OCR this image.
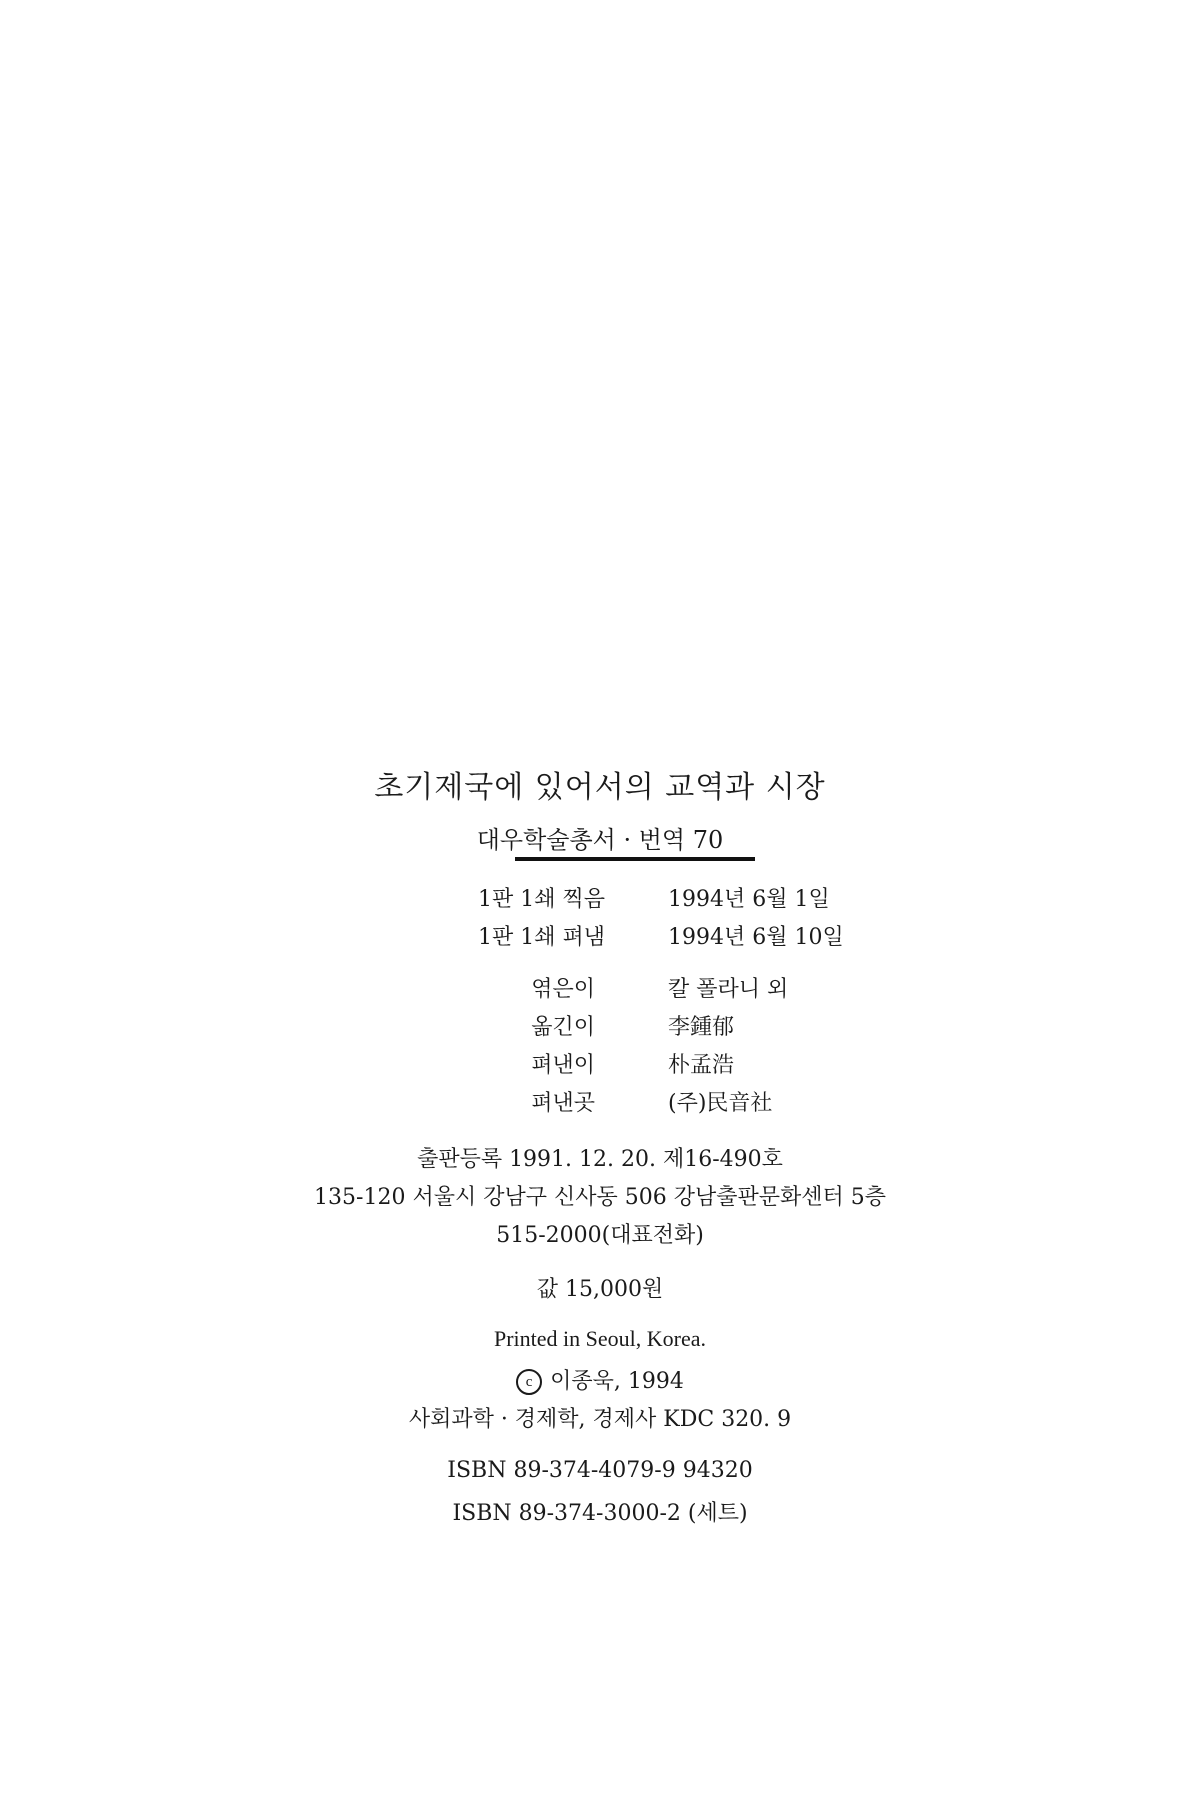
초기제국에 있어서의 교역과 시장
대우학술총서 · 번역 70
1판 1쇄 찍음	1994년 6월 1일
1판 1쇄 펴냄	1994년 6월 10일
엮은이	칼 폴라니 외
옮긴이	李鍾郁
펴낸이	朴孟浩
펴낸곳	(주)民音社
출판등록 1991. 12. 20. 제16-490호
135-120 서울시 강남구 신사동 506 강남출판문화센터 5층
515-2000(대표전화)
값 15,000원
Printed in Seoul, Korea.
c 이종욱, 1994
사회과학 · 경제학, 경제사 KDC 320. 9
ISBN 89-374-4079-9 94320
ISBN 89-374-3000-2 (세트)
